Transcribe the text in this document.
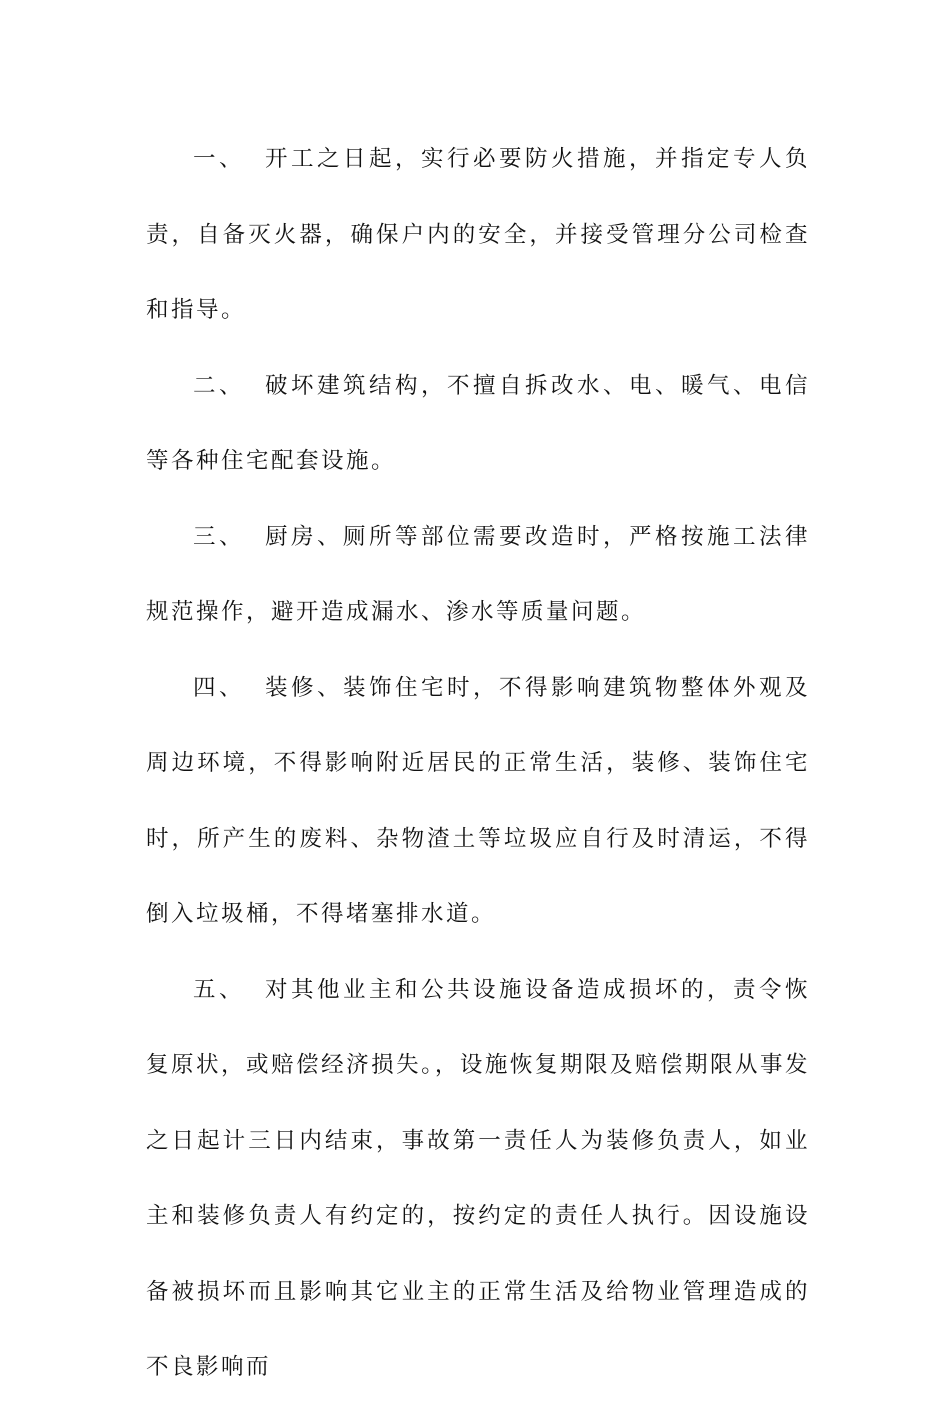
一、 开工之日起，实行必要防火措施，并指定专人负责，自备灭火器，确保户内的安全，并接受管理分公司检查和指导。

二、 破坏建筑结构，不擅自拆改水、电、暖气、电信等各种住宅配套设施。

三、 厨房、厕所等部位需要改造时，严格按施工法律规范操作，避开造成漏水、渗水等质量问题。

四、 装修、装饰住宅时，不得影响建筑物整体外观及周边环境，不得影响附近居民的正常生活，装修、装饰住宅时，所产生的废料、杂物渣土等垃圾应自行及时清运，不得倒入垃圾桶，不得堵塞排水道。

五、 对其他业主和公共设施设备造成损坏的，责令恢复原状，或赔偿经济损失。，设施恢复期限及赔偿期限从事发之日起计三日内结束，事故第一责任人为装修负责人，如业主和装修负责人有约定的，按约定的责任人执行。因设施设备被损坏而且影响其它业主的正常生活及给物业管理造成的不良影响而
